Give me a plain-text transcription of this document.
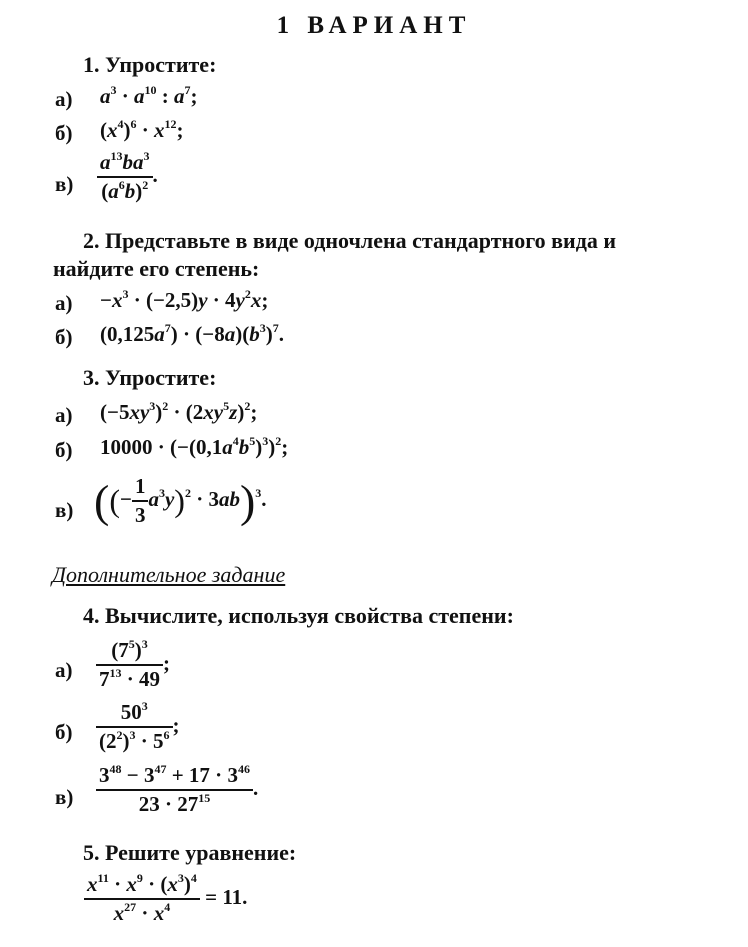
1 ВАРИАНТ
1. Упростите:
а) $a^3 \cdot a^{10}$ : $a^7$;
б) $(x^4)^6 \cdot x^{12}$;
$в) \frac{a^{13}ba^3}{(a^6b)^2}$ .
2. Представьте в виде одночлена стандартного вида и
найдите его степень:
$а) -x^3 \cdot (-2,5)y \cdot 4y^2x$;
б) $(0,125a^7) \cdot (-8a)(b^3)^7$.
3. Упростите:
а) $(-5xy^3)^2 \cdot (2xy^5z)^2$;
б) $10000 \cdot (-(0,1a^4b^5)^3)^2$;
в) ((− $\frac{1}{3} a^3y)^2 \cdot 3ab)^3$.
Дополнительное задание
4. Вычислите, используя свойства степени:
$а) \frac{(7^5)^3}{7^{13} \cdot 49}$ ;
$б) \frac{50^3}{(2^2)^3 \cdot 5^6}$ ;
$в) \frac{3^{48} - 3^{47} + 17 \cdot 3^{46}}{23 \cdot 27^{15}}$ .
5. Решите уравнение:
$\frac{x^{11} \cdot x^9 \cdot (x^3)^4}{x^{27} \cdot x^4} = 11$.
